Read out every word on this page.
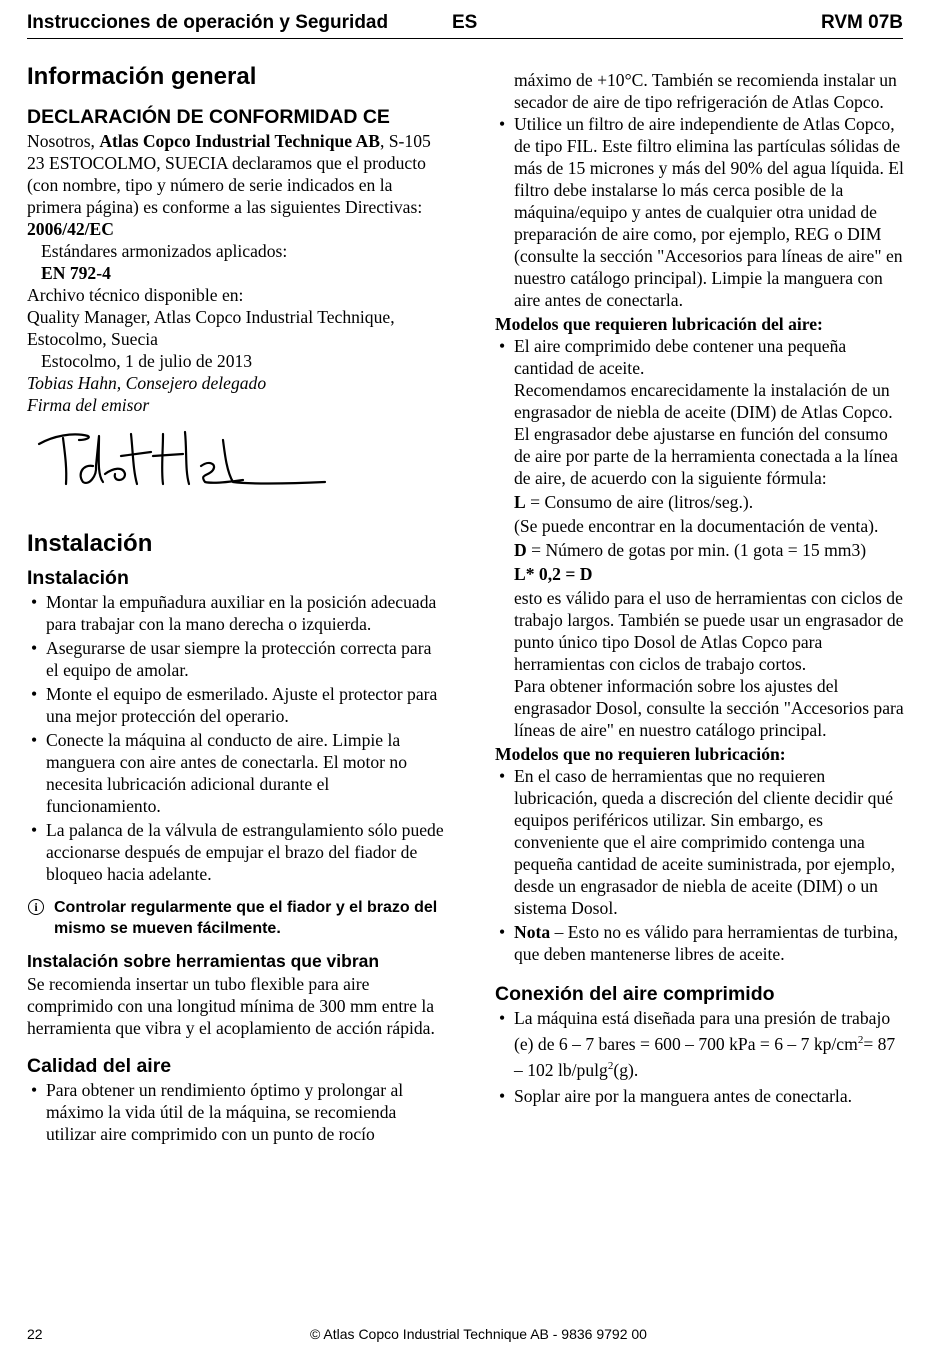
Instrucciones de operación y Seguridad	ES	RVM 07B
Información general
DECLARACIÓN DE CONFORMIDAD CE

Nosotros, Atlas Copco Industrial Technique AB, S-105 23 ESTOCOLMO, SUECIA declaramos que el producto (con nombre, tipo y número de serie indicados en la primera página) es conforme a las siguientes Directivas:

2006/42/EC

Estándares armonizados aplicados:

EN 792-4

Archivo técnico disponible en:

Quality Manager, Atlas Copco Industrial Technique, Estocolmo, Suecia

Estocolmo, 1 de julio de 2013

Tobias Hahn, Consejero delegado

Firma del emisor

Instalación
Instalación
• Montar la empuñadura auxiliar en la posición adecuada para trabajar con la mano derecha o izquierda.
• Asegurarse de usar siempre la protección correcta para el equipo de amolar.
• Monte el equipo de esmerilado. Ajuste el protector para una mejor protección del operario.
• Conecte la máquina al conducto de aire. Limpie la manguera con aire antes de conectarla. El motor no necesita lubricación adicional durante el funcionamiento.
• La palanca de la válvula de estrangulamiento sólo puede accionarse después de empujar el brazo del fiador de bloqueo hacia adelante.
i	Controlar regularmente que el fiador y el brazo del mismo se mueven fácilmente.
Instalación sobre herramientas que vibran

Se recomienda insertar un tubo flexible para aire comprimido con una longitud mínima de 300 mm entre la herramienta que vibra y el acoplamiento de acción rápida.

Calidad del aire
• Para obtener un rendimiento óptimo y prolongar al máximo la vida útil de la máquina, se recomienda utilizar aire comprimido con un punto de rocío

máximo de +10°C. También se recomienda instalar un secador de aire de tipo refrigeración de Atlas Copco.

• Utilice un filtro de aire independiente de Atlas Copco, de tipo FIL. Este filtro elimina las partículas sólidas de más de 15 micrones y más del 90% del agua líquida. El filtro debe instalarse lo más cerca posible de la máquina/equipo y antes de cualquier otra unidad de preparación de aire como, por ejemplo, REG o DIM (consulte la sección "Accesorios para líneas de aire" en nuestro catálogo principal). Limpie la manguera con aire antes de conectarla.

Modelos que requieren lubricación del aire:

• El aire comprimido debe contener una pequeña cantidad de aceite.
Recomendamos encarecidamente la instalación de un engrasador de niebla de aceite (DIM) de Atlas Copco. El engrasador debe ajustarse en función del consumo de aire por parte de la herramienta conectada a la línea de aire, de acuerdo con la siguiente fórmula:

L = Consumo de aire (litros/seg.).

(Se puede encontrar en la documentación de venta).

D = Número de gotas por min. (1 gota = 15 mm3)

L* 0,2 = D

esto es válido para el uso de herramientas con ciclos de trabajo largos. También se puede usar un engrasador de punto único tipo Dosol de Atlas Copco para herramientas con ciclos de trabajo cortos.
Para obtener información sobre los ajustes del engrasador Dosol, consulte la sección "Accesorios para líneas de aire" en nuestro catálogo principal.

Modelos que no requieren lubricación:

• En el caso de herramientas que no requieren lubricación, queda a discreción del cliente decidir qué equipos periféricos utilizar. Sin embargo, es conveniente que el aire comprimido contenga una pequeña cantidad de aceite suministrada, por ejemplo, desde un engrasador de niebla de aceite (DIM) o un sistema Dosol.
• Nota – Esto no es válido para herramientas de turbina, que deben mantenerse libres de aceite.
Conexión del aire comprimido
• La máquina está diseñada para una presión de trabajo (e) de 6 – 7 bares = 600 – 700 kPa = 6 – 7 $kp/cm^2= 87 - 102$ lb/pulg$^2$(g).
• Soplar aire por la manguera antes de conectarla.
22	© Atlas Copco Industrial Technique AB - 9836 9792 00
